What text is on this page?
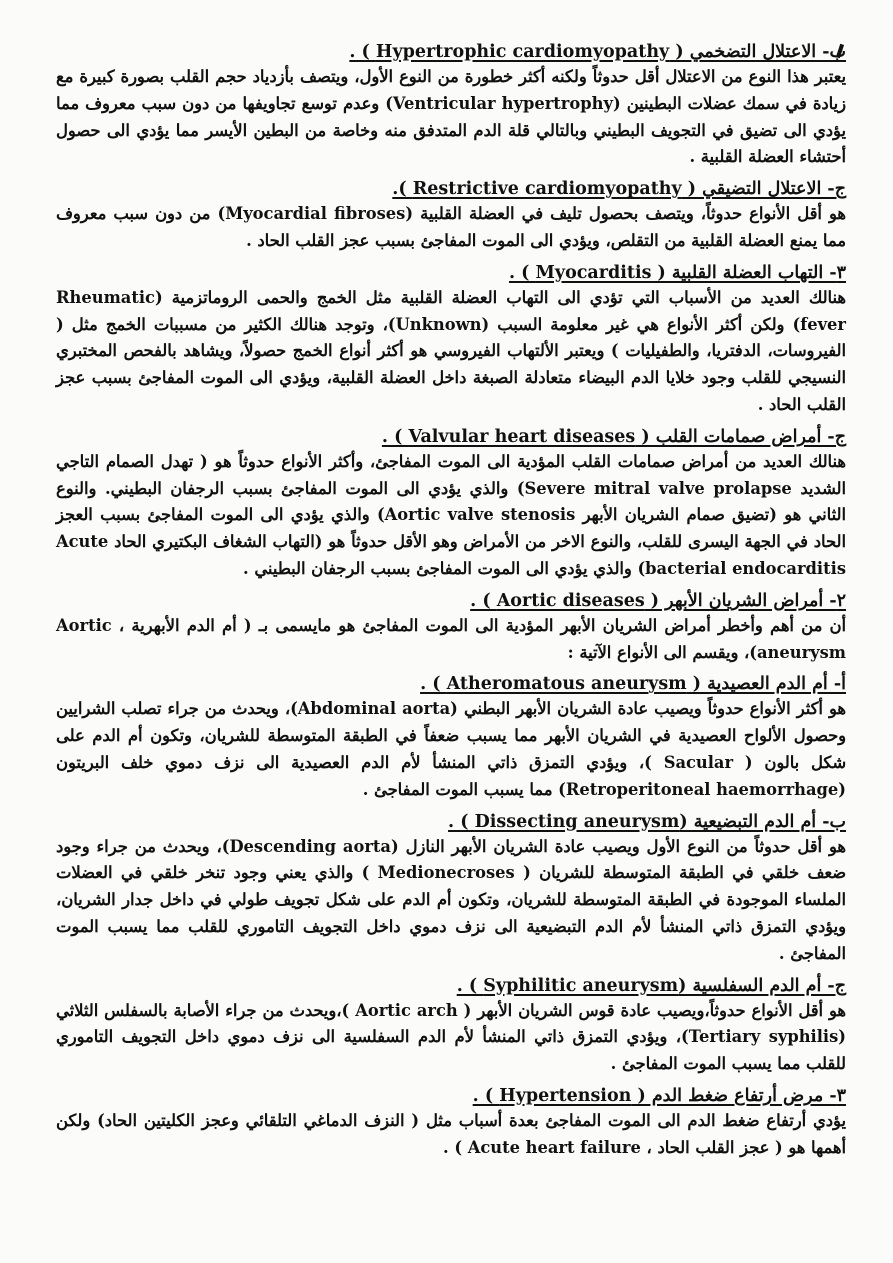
ب- الاعتلال التضخمي ( Hypertrophic cardiomyopathy ) .

يعتبر هذا النوع من الاعتلال أقل حدوثاً ولكنه أكثر خطورة من النوع الأول، ويتصف بأزدياد حجم القلب بصورة كبيرة مع زيادة في سمك عضلات البطينين (Ventricular hypertrophy) وعدم توسع تجاويفها من دون سبب معروف مما يؤدي الى تضيق في التجويف البطيني وبالتالي قلة الدم المتدفق منه وخاصة من البطين الأيسر مما يؤدي الى حصول أحتشاء العضلة القلبية .

ج- الاعتلال التضيقي ( Restrictive cardiomyopathy ).

هو أقل الأنواع حدوثاً، ويتصف بحصول تليف في العضلة القلبية (Myocardial fibroses) من دون سبب معروف مما يمنع العضلة القلبية من التقلص، ويؤدي الى الموت المفاجئ بسبب عجز القلب الحاد .

٣- التهاب العضلة القلبية ( Myocarditis ) .

هنالك العديد من الأسباب التي تؤدي الى التهاب العضلة القلبية مثل الخمج والحمى الروماتزمية (Rheumatic fever) ولكن أكثر الأنواع هي غير معلومة السبب (Unknown)، وتوجد هنالك الكثير من مسببات الخمج مثل ( الفيروسات، الدفتريا، والطفيليات ) ويعتبر الألتهاب الفيروسي هو أكثر أنواع الخمج حصولاً، ويشاهد بالفحص المختبري النسيجي للقلب وجود خلايا الدم البيضاء متعادلة الصبغة داخل العضلة القلبية، ويؤدي الى الموت المفاجئ بسبب عجز القلب الحاد .

ج- أمراض صمامات القلب ( Valvular heart diseases ) .

هنالك العديد من أمراض صمامات القلب المؤدية الى الموت المفاجئ، وأكثر الأنواع حدوثاً هو ( تهدل الصمام التاجي الشديد Severe mitral valve prolapse) والذي يؤدي الى الموت المفاجئ بسبب الرجفان البطيني. والنوع الثاني هو (تضيق صمام الشريان الأبهر Aortic valve stenosis) والذي يؤدي الى الموت المفاجئ بسبب العجز الحاد في الجهة اليسرى للقلب، والنوع الاخر من الأمراض وهو الأقل حدوثاً هو (التهاب الشغاف البكتيري الحاد Acute bacterial endocarditis) والذي يؤدي الى الموت المفاجئ بسبب الرجفان البطيني .

٢- أمراض الشريان الأبهر ( Aortic diseases ) .

أن من أهم وأخطر أمراض الشريان الأبهر المؤدية الى الموت المفاجئ هو مايسمى بـ ( أم الدم الأبهرية ، Aortic aneurysm)، ويقسم الى الأنواع الآتية :

أ- أم الدم العصيدية ( Atheromatous aneurysm ) .

هو أكثر الأنواع حدوثاً ويصيب عادة الشريان الأبهر البطني (Abdominal aorta)، ويحدث من جراء تصلب الشرايين وحصول الألواح العصيدية في الشريان الأبهر مما يسبب ضعفاً في الطبقة المتوسطة للشريان، وتكون أم الدم على شكل بالون ( Sacular )، ويؤدي التمزق ذاتي المنشأ لأم الدم العصيدية الى نزف دموي خلف البريتون (Retroperitoneal haemorrhage) مما يسبب الموت المفاجئ .

ب- أم الدم التبضيعية (Dissecting aneurysm ) .

هو أقل حدوثاً من النوع الأول ويصيب عادة الشريان الأبهر النازل (Descending aorta)، ويحدث من جراء وجود ضعف خلقي في الطبقة المتوسطة للشريان ( Medionecroses ) والذي يعني وجود تنخر خلقي في العضلات الملساء الموجودة في الطبقة المتوسطة للشريان، وتكون أم الدم على شكل تجويف طولي في داخل جدار الشريان، ويؤدي التمزق ذاتي المنشأ لأم الدم التبضيعية الى نزف دموي داخل التجويف التاموري للقلب مما يسبب الموت المفاجئ .

ج- أم الدم السفلسية (Syphilitic aneurysm ) .

هو أقل الأنواع حدوثاً،ويصيب عادة قوس الشريان الأبهر ( Aortic arch )،ويحدث من جراء الأصابة بالسفلس الثلاثي (Tertiary syphilis)، ويؤدي التمزق ذاتي المنشأ لأم الدم السفلسية الى نزف دموي داخل التجويف التاموري للقلب مما يسبب الموت المفاجئ .

٣- مرض أرتفاع ضغط الدم ( Hypertension ) .

يؤدي أرتفاع ضغط الدم الى الموت المفاجئ بعدة أسباب مثل ( النزف الدماغي التلقائي وعجز الكليتين الحاد) ولكن أهمها هو ( عجز القلب الحاد ، Acute heart failure ) .
